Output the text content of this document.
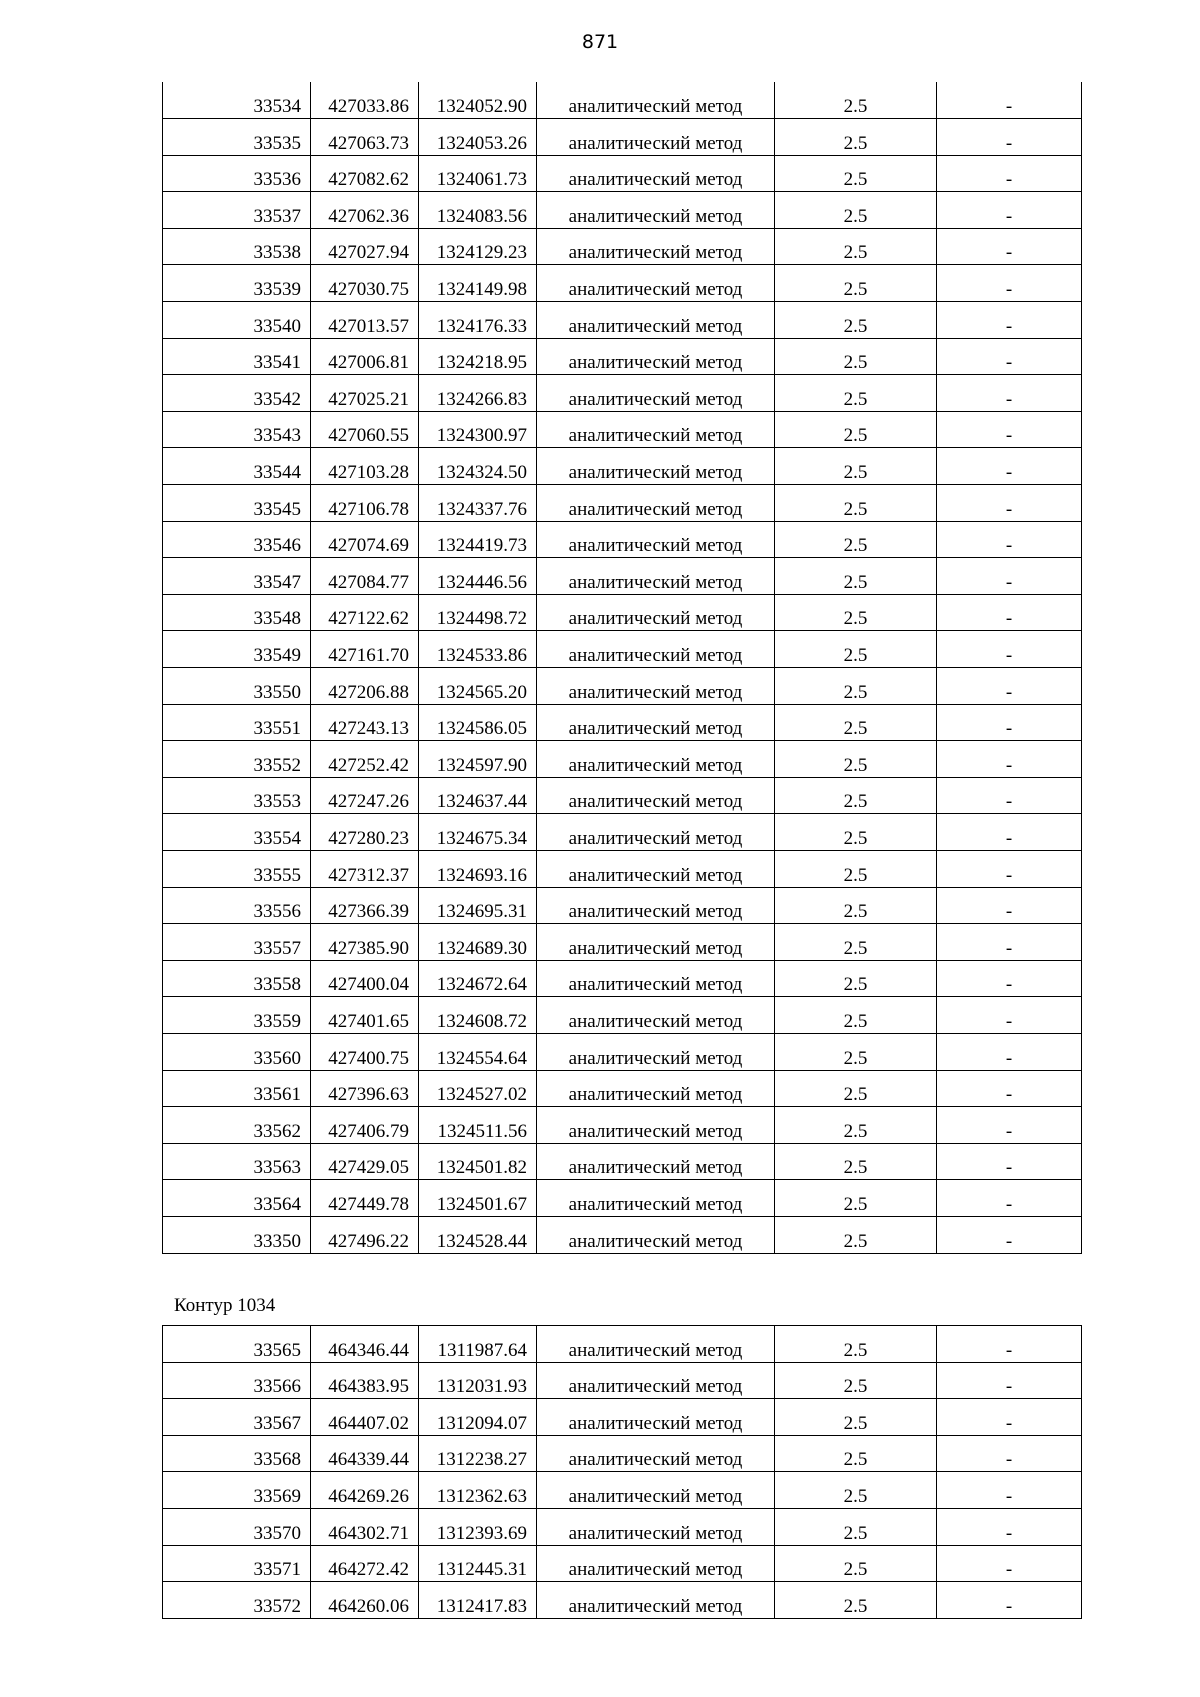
871
33534	427033.86	1324052.90	аналитический метод	2.5	-
33535	427063.73	1324053.26	аналитический метод	2.5	-
33536	427082.62	1324061.73	аналитический метод	2.5	-
33537	427062.36	1324083.56	аналитический метод	2.5	-
33538	427027.94	1324129.23	аналитический метод	2.5	-
33539	427030.75	1324149.98	аналитический метод	2.5	-
33540	427013.57	1324176.33	аналитический метод	2.5	-
33541	427006.81	1324218.95	аналитический метод	2.5	-
33542	427025.21	1324266.83	аналитический метод	2.5	-
33543	427060.55	1324300.97	аналитический метод	2.5	-
33544	427103.28	1324324.50	аналитический метод	2.5	-
33545	427106.78	1324337.76	аналитический метод	2.5	-
33546	427074.69	1324419.73	аналитический метод	2.5	-
33547	427084.77	1324446.56	аналитический метод	2.5	-
33548	427122.62	1324498.72	аналитический метод	2.5	-
33549	427161.70	1324533.86	аналитический метод	2.5	-
33550	427206.88	1324565.20	аналитический метод	2.5	-
33551	427243.13	1324586.05	аналитический метод	2.5	-
33552	427252.42	1324597.90	аналитический метод	2.5	-
33553	427247.26	1324637.44	аналитический метод	2.5	-
33554	427280.23	1324675.34	аналитический метод	2.5	-
33555	427312.37	1324693.16	аналитический метод	2.5	-
33556	427366.39	1324695.31	аналитический метод	2.5	-
33557	427385.90	1324689.30	аналитический метод	2.5	-
33558	427400.04	1324672.64	аналитический метод	2.5	-
33559	427401.65	1324608.72	аналитический метод	2.5	-
33560	427400.75	1324554.64	аналитический метод	2.5	-
33561	427396.63	1324527.02	аналитический метод	2.5	-
33562	427406.79	1324511.56	аналитический метод	2.5	-
33563	427429.05	1324501.82	аналитический метод	2.5	-
33564	427449.78	1324501.67	аналитический метод	2.5	-
33350	427496.22	1324528.44	аналитический метод	2.5	-
Контур 1034
33565	464346.44	1311987.64	аналитический метод	2.5	-
33566	464383.95	1312031.93	аналитический метод	2.5	-
33567	464407.02	1312094.07	аналитический метод	2.5	-
33568	464339.44	1312238.27	аналитический метод	2.5	-
33569	464269.26	1312362.63	аналитический метод	2.5	-
33570	464302.71	1312393.69	аналитический метод	2.5	-
33571	464272.42	1312445.31	аналитический метод	2.5	-
33572	464260.06	1312417.83	аналитический метод	2.5	-
